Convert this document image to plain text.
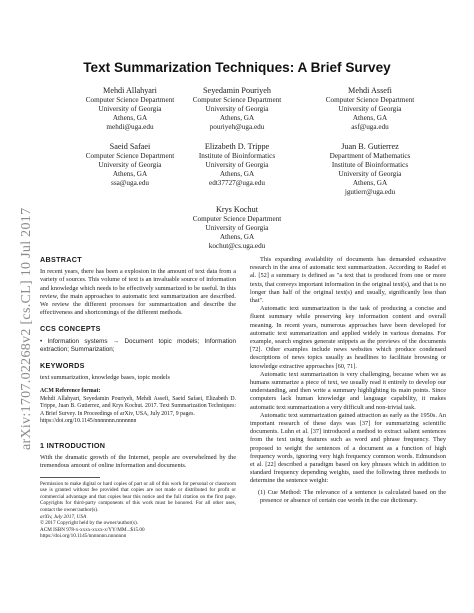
arXiv:1707.02268v2 [cs.CL] 10 Jul 2017
Text Summarization Techniques: A Brief Survey
Mehdi Allahyari
Computer Science Department
University of Georgia
Athens, GA
mehdi@uga.edu
Seyedamin Pouriyeh
Computer Science Department
University of Georgia
Athens, GA
pouriyeh@uga.edu
Mehdi Assefi
Computer Science Department
University of Georgia
Athens, GA
asf@uga.edu
Saeid Safaei
Computer Science Department
University of Georgia
Athens, GA
ssa@uga.edu
Elizabeth D. Trippe
Institute of Bioinformatics
University of Georgia
Athens, GA
edt37727@uga.edu
Juan B. Gutierrez
Department of Mathematics
Institute of Bioinformatics
University of Georgia
Athens, GA
jgutierr@uga.edu
Krys Kochut
Computer Science Department
University of Georgia
Athens, GA
kochut@cs.uga.edu
ABSTRACT

In recent years, there has been a explosion in the amount of text data from a variety of sources. This volume of text is an invaluable source of information and knowledge which needs to be effectively summarized to be useful. In this review, the main approaches to automatic text summarization are described. We review the different processes for summarization and describe the effectiveness and shortcomings of the different methods.

CCS CONCEPTS

• Information systems → Document topic models; Information extraction; Summarization;

KEYWORDS

text summarization, knowledge bases, topic models

ACM Reference format:

Mehdi Allahyari, Seyedamin Pouriyeh, Mehdi Assefi, Saeid Safaei, Elizabeth D. Trippe, Juan B. Gutierrez, and Krys Kochut. 2017. Text Summarization Techniques: A Brief Survey. In Proceedings of arXiv, USA, July 2017, 9 pages.

https://doi.org/10.1145/nnnnnnn.nnnnnnn

1 INTRODUCTION

With the dramatic growth of the Internet, people are overwhelmed by the tremendous amount of online information and documents.

Permission to make digital or hard copies of part or all of this work for personal or classroom use is granted without fee provided that copies are not made or distributed for profit or commercial advantage and that copies bear this notice and the full citation on the first page. Copyrights for third-party components of this work must be honored. For all other uses, contact the owner/author(s).

arXiv, July 2017, USA

© 2017 Copyright held by the owner/author(s).

ACM ISBN 978-x-xxxx-xxxx-x/YY/MM...$15.00

https://doi.org/10.1145/nnnnnnn.nnnnnnn

This expanding availability of documents has demanded exhaustive research in the area of automatic text summarization. According to Radef et al. [52] a summary is defined as "a text that is produced from one or more texts, that conveys important information in the original text(s), and that is no longer than half of the original text(s) and usually, significantly less than that".

Automatic text summarization is the task of producing a concise and fluent summary while preserving key information content and overall meaning. In recent years, numerous approaches have been developed for automatic text summarization and applied widely in various domains. For example, search engines generate snippets as the previews of the documents [72]. Other examples include news websites which produce condensed descriptions of news topics usually as headlines to facilitate browsing or knowledge extractive approaches [60, 71].

Automatic text summarization is very challenging, because when we as humans summarize a piece of text, we usually read it entirely to develop our understanding, and then write a summary highlighting its main points. Since computers lack human knowledge and language capability, it makes automatic text summarization a very difficult and non-trivial task.

Automatic text summarization gained attraction as early as the 1950s. An important research of these days was [37] for summarizing scientific documents. Luhn et al. [37] introduced a method to extract salient sentences from the text using features such as word and phrase frequency. They proposed to weight the sentences of a document as a function of high frequency words, ignoring very high frequency common words. Edmundson et al. [22] described a paradigm based on key phrases which in addition to standard frequency depending weights, used the following three methods to determine the sentence weight:

(1) Cue Method: The relevance of a sentence is calculated based on the presence or absence of certain cue words in the cue dictionary.
